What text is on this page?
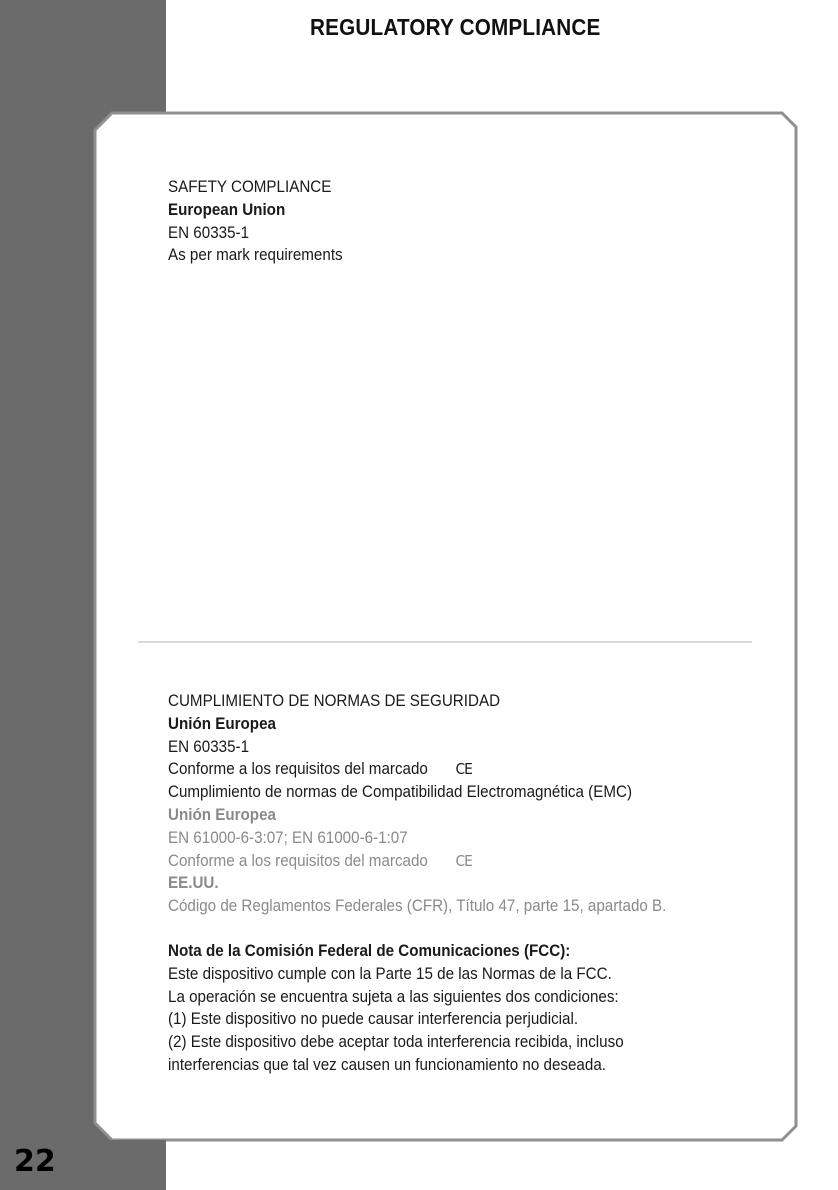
REGULATORY COMPLIANCE

SAFETY COMPLIANCE

European Union

EN 60335-1

As per mark requirements

CUMPLIMIENTO DE NORMAS DE SEGURIDAD

Unión Europea

EN 60335-1

Conforme a los requisitos del marcado CE

Cumplimiento de normas de Compatibilidad Electromagnética (EMC)

Unión Europea

EN 61000-6-3:07; EN 61000-6-1:07

Conforme a los requisitos del marcado CE

EE.UU.

Código de Reglamentos Federales (CFR), Título 47, parte 15, apartado B.

Nota de la Comisión Federal de Comunicaciones (FCC):

Este dispositivo cumple con la Parte 15 de las Normas de la FCC.

La operación se encuentra sujeta a las siguientes dos condiciones:

(1) Este dispositivo no puede causar interferencia perjudicial.

(2) Este dispositivo debe aceptar toda interferencia recibida, incluso

interferencias que tal vez causen un funcionamiento no deseada.

22
